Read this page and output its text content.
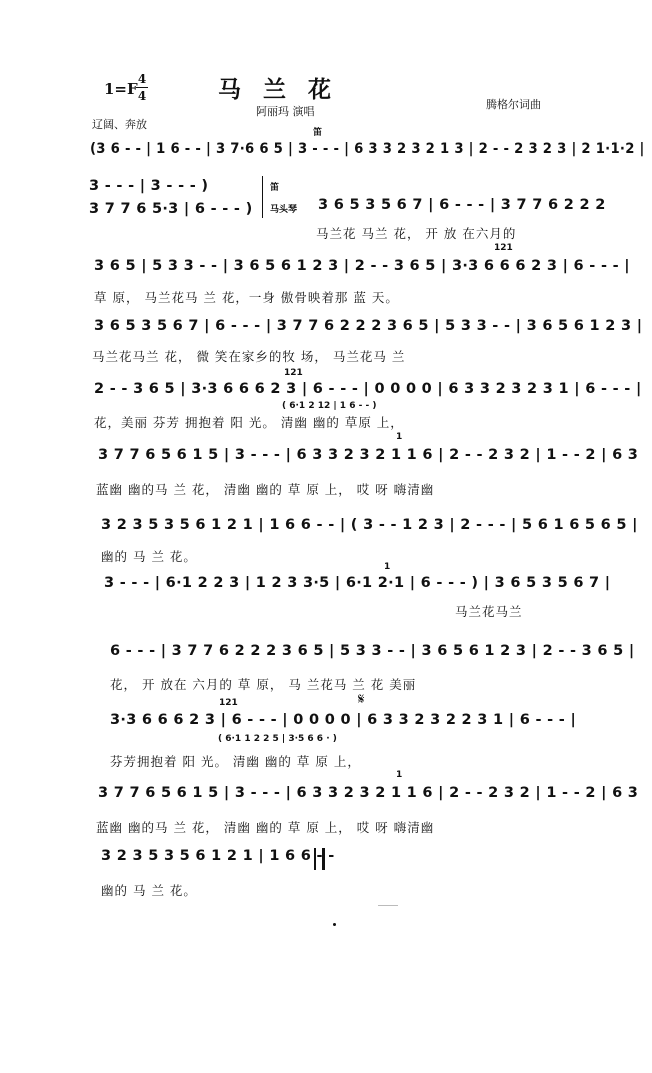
1=F
4
4	马兰花
阿丽玛 演唱
腾格尔词曲
辽阔、奔放
笛
笛
马头琴
121
121
121
1
1
1
( 6·1 2 12 | 1 6 - - )
( 6·1 1 2 2 5 | 3·5 6 6 · )
𝄋
(3 6 - - | 1 6 - - | 3 7·6 6 5 | 3 - - - | 6 3 3 2 3 2 1 3 | 2 - - 2 3 2 3 | 2 1·1·2 |
3 - - - | 3 - - - )
3 7 7 6 5·3 | 6 - - - )	3 6 5 3 5 6 7 | 6 - - - | 3 7 7 6 2 2 2
马兰花 马兰 花， 开 放 在六月的
3 6 5 | 5 3 3 - - | 3 6 5 6 1 2 3 | 2 - - 3 6 5 | 3·3 6 6 6 2 3 | 6 - - - |
草 原， 马兰花马 兰 花，一身 傲骨映着那 蓝 天。
3 6 5 3 5 6 7 | 6 - - - | 3 7 7 6 2 2 2 3 6 5 | 5 3 3 - - | 3 6 5 6 1 2 3 |
马兰花马兰 花， 微 笑在家乡的牧 场， 马兰花马 兰
2 - - 3 6 5 | 3·3 6 6 6 2 3 | 6 - - - | 0 0 0 0 | 6 3 3 2 3 2 3 1 | 6 - - - |
花，美丽 芬芳 拥抱着 阳 光。 清幽 幽的 草原 上，
3 7 7 6 5 6 1 5 | 3 - - - | 6 3 3 2 3 2 1 1 6 | 2 - - 2 3 2 | 1 - - 2 | 6 3
蓝幽 幽的马 兰 花， 清幽 幽的 草 原 上， 哎 呀 嗨清幽
3 2 3 5 3 5 6 1 2 1 | 1 6 6 - - | ( 3 - - 1 2 3 | 2 - - - | 5 6 1 6 5 6 5 |
幽的 马 兰 花。
3 - - - | 6·1 2 2 3 | 1 2 3 3·5 | 6·1 2·1 | 6 - - - ) | 3 6 5 3 5 6 7 |
马兰花马兰
6 - - - | 3 7 7 6 2 2 2 3 6 5 | 5 3 3 - - | 3 6 5 6 1 2 3 | 2 - - 3 6 5 |
花， 开 放在 六月的 草 原， 马 兰花马 兰 花 美丽
3·3 6 6 6 2 3 | 6 - - - | 0 0 0 0 | 6 3 3 2 3 2 2 3 1 | 6 - - - |
芬芳拥抱着 阳 光。 清幽 幽的 草 原 上，
3 7 7 6 5 6 1 5 | 3 - - - | 6 3 3 2 3 2 1 1 6 | 2 - - 2 3 2 | 1 - - 2 | 6 3
蓝幽 幽的马 兰 花， 清幽 幽的 草 原 上， 哎 呀 嗨清幽
3 2 3 5 3 5 6 1 2 1 | 1 6 6 - -
幽的 马 兰 花。
